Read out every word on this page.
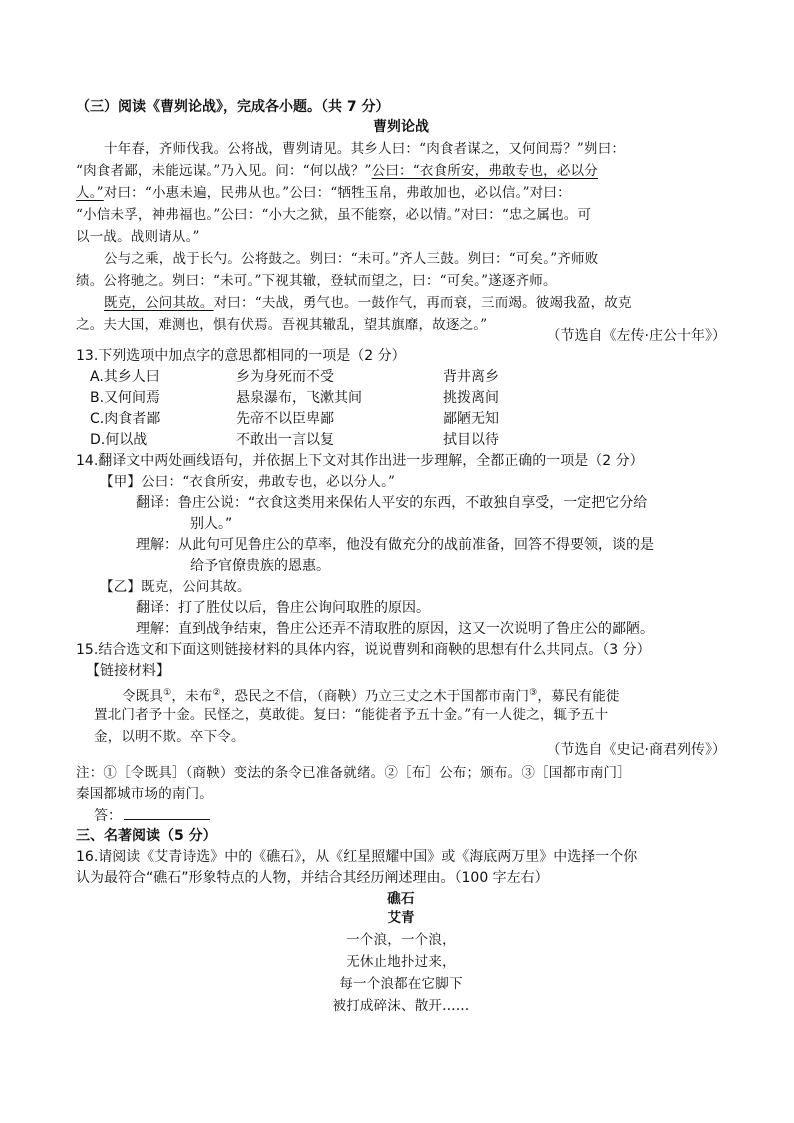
（三）阅读《曹刿论战》，完成各小题。（共 7 分）
曹刿论战
十年春，齐师伐我。公将战，曹刿请见。其乡人曰：“肉食者谋之，又何间焉？”刿曰：
“肉食者鄙，未能远谋。”乃入见。问：“何以战？”公曰：“衣食所安，弗敢专也，必以分
人。”对曰：“小惠未遍，民弗从也。”公曰：“牺牲玉帛，弗敢加也，必以信。”对曰：
“小信未孚，神弗福也。”公曰：“小大之狱，虽不能察，必以情。”对曰：“忠之属也。可
以一战。战则请从。”
公与之乘，战于长勺。公将鼓之。刿曰：“未可。”齐人三鼓。刿曰：“可矣。”齐师败
绩。公将驰之。刿曰：“未可。”下视其辙，登轼而望之，曰：“可矣。”遂逐齐师。
既克，公问其故。对曰：“夫战，勇气也。一鼓作气，再而衰，三而竭。彼竭我盈，故克
之。夫大国，难测也，惧有伏焉。吾视其辙乱，望其旗靡，故逐之。”
（节选自《左传·庄公十年》）
13.下列选项中加点字的意思都相同的一项是（2 分）
A.其乡人曰	乡为身死而不受	背井离乡
B.又何间焉	悬泉瀑布，飞漱其间	挑拨离间
C.肉食者鄙	先帝不以臣卑鄙	鄙陋无知
D.何以战	不敢出一言以复	拭目以待
14.翻译文中两处画线语句，并依据上下文对其作出进一步理解，全都正确的一项是（2 分）
【甲】公曰：“衣食所安，弗敢专也，必以分人。”
翻译：鲁庄公说：“衣食这类用来保佑人平安的东西，不敢独自享受，一定把它分给
别人。”
理解：从此句可见鲁庄公的草率，他没有做充分的战前准备，回答不得要领，谈的是
给予官僚贵族的恩惠。
【乙】既克，公问其故。
翻译：打了胜仗以后，鲁庄公询问取胜的原因。
理解：直到战争结束，鲁庄公还弄不清取胜的原因，这又一次说明了鲁庄公的鄙陋。
15.结合选文和下面这则链接材料的具体内容，说说曹刿和商鞅的思想有什么共同点。（3 分）
【链接材料】
令既具①，未布②，恐民之不信，（商鞅）乃立三丈之木于国都市南门③，募民有能徙
置北门者予十金。民怪之，莫敢徙。复曰：“能徙者予五十金。”有一人徙之，辄予五十
金，以明不欺。卒下令。
（节选自《史记·商君列传》）
注：①［令既具］（商鞅）变法的条令已准备就绪。②［布］公布；颁布。③［国都市南门］
秦国都城市场的南门。
答：
三、名著阅读（5 分）
16.请阅读《艾青诗选》中的《礁石》，从《红星照耀中国》或《海底两万里》中选择一个你
认为最符合“礁石”形象特点的人物，并结合其经历阐述理由。（100 字左右）
礁石
艾青
一个浪，一个浪，
无休止地扑过来，
每一个浪都在它脚下
被打成碎沫、散开……
